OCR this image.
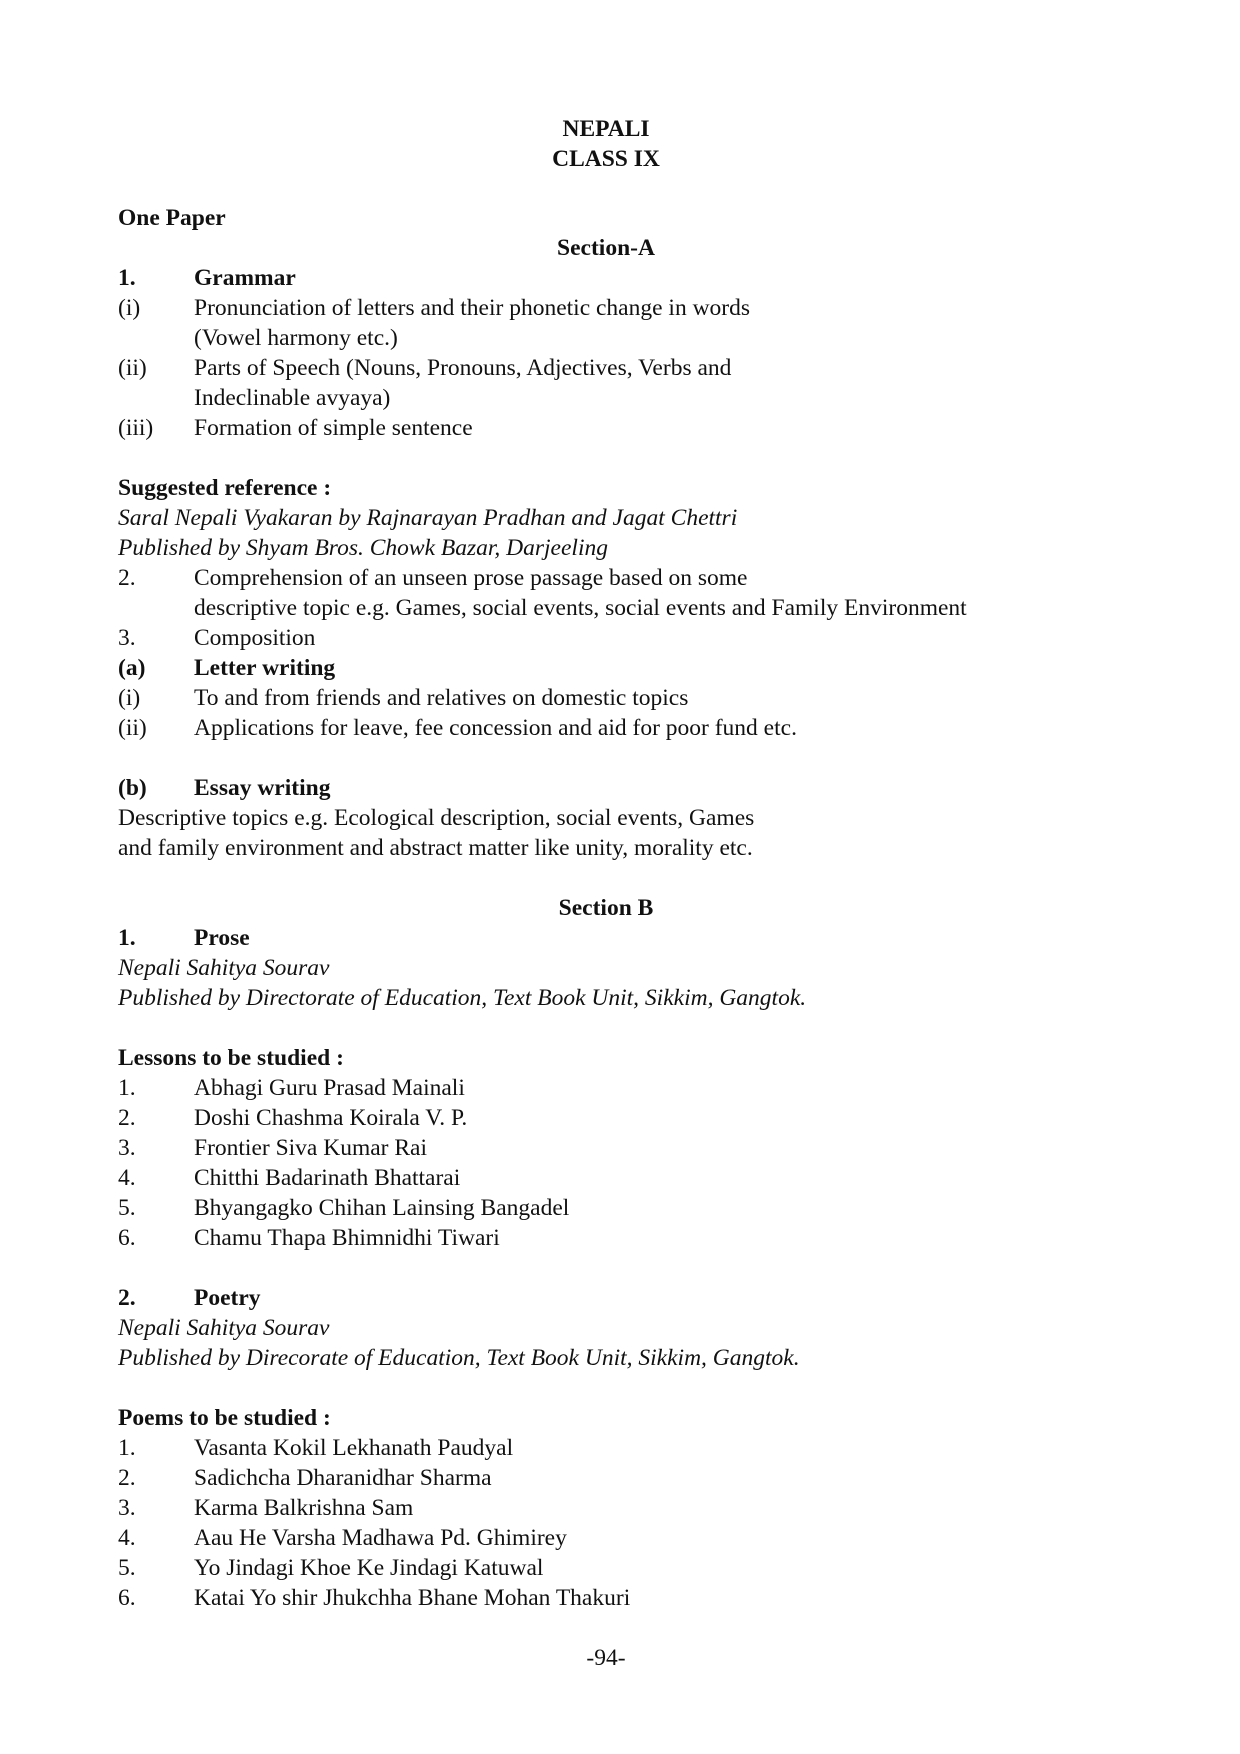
NEPALI
CLASS IX
One Paper
Section-A
1. Grammar
(i) Pronunciation of letters and their phonetic change in words
(Vowel harmony etc.)
(ii) Parts of Speech (Nouns, Pronouns, Adjectives, Verbs and
Indeclinable avyaya)
(iii) Formation of simple sentence
Suggested reference :
Saral Nepali Vyakaran by Rajnarayan Pradhan and Jagat Chettri
Published by Shyam Bros. Chowk Bazar, Darjeeling
2. Comprehension of an unseen prose passage based on some
descriptive topic e.g. Games, social events, social events and Family Environment
3. Composition
(a) Letter writing
(i) To and from friends and relatives on domestic topics
(ii) Applications for leave, fee concession and aid for poor fund etc.
(b) Essay writing
Descriptive topics e.g. Ecological description, social events, Games
and family environment and abstract matter like unity, morality etc.
Section B
1. Prose
Nepali Sahitya Sourav
Published by Directorate of Education, Text Book Unit, Sikkim, Gangtok.
Lessons to be studied :
1. Abhagi Guru Prasad Mainali
2. Doshi Chashma Koirala V. P.
3. Frontier Siva Kumar Rai
4. Chitthi Badarinath Bhattarai
5. Bhyangagko Chihan Lainsing Bangadel
6. Chamu Thapa Bhimnidhi Tiwari
2. Poetry
Nepali Sahitya Sourav
Published by Direcorate of Education, Text Book Unit, Sikkim, Gangtok.
Poems to be studied :
1. Vasanta Kokil Lekhanath Paudyal
2. Sadichcha Dharanidhar Sharma
3. Karma Balkrishna Sam
4. Aau He Varsha Madhawa Pd. Ghimirey
5. Yo Jindagi Khoe Ke Jindagi Katuwal
6. Katai Yo shir Jhukchha Bhane Mohan Thakuri
-94-
